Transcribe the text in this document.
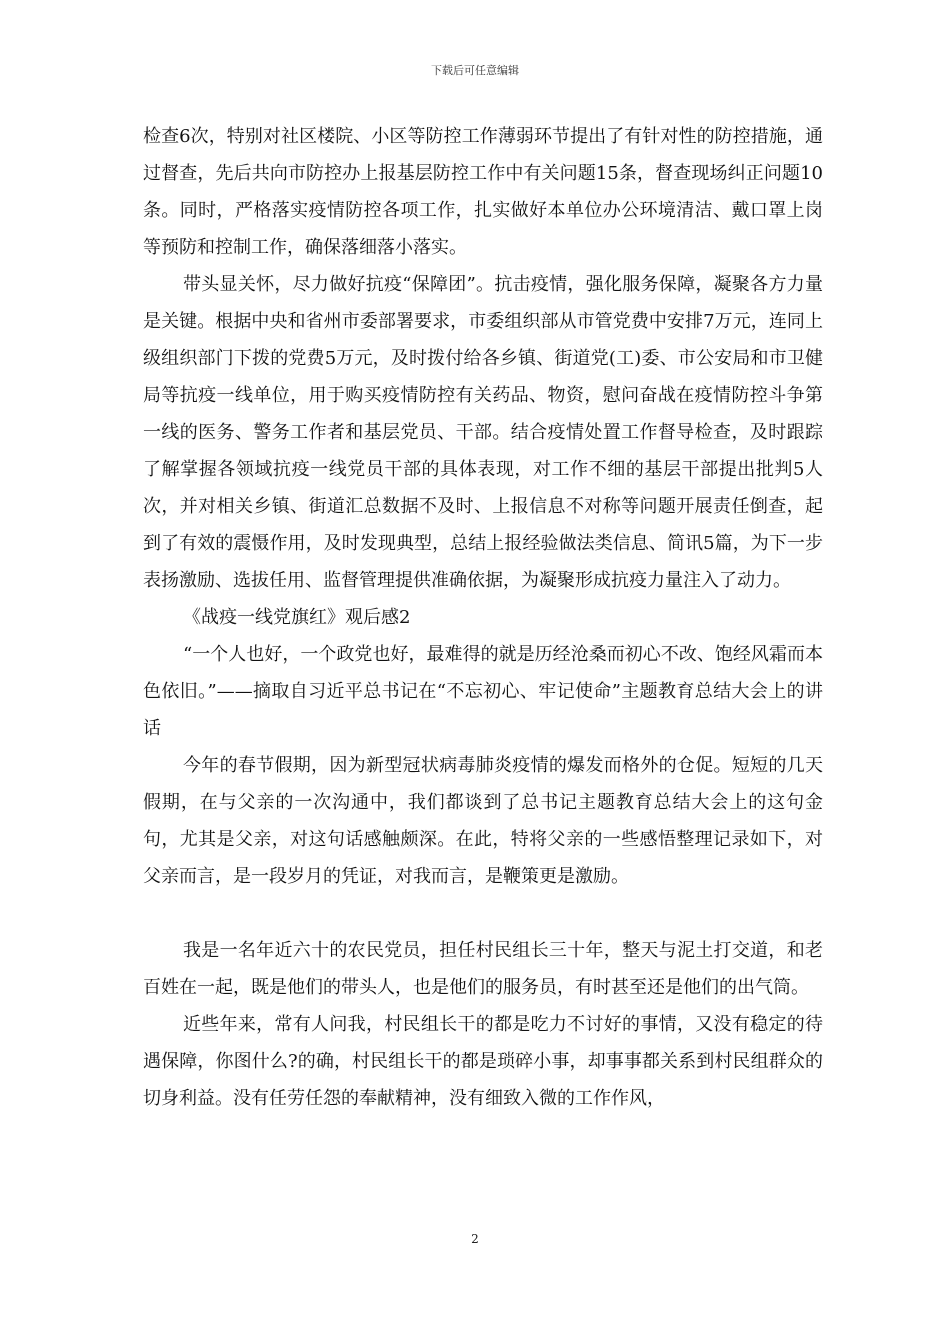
下载后可任意编辑

检查6次，特别对社区楼院、小区等防控工作薄弱环节提出了有针对性的防控措施，通过督查，先后共向市防控办上报基层防控工作中有关问题15条，督查现场纠正问题10条。同时，严格落实疫情防控各项工作，扎实做好本单位办公环境清洁、戴口罩上岗等预防和控制工作，确保落细落小落实。

带头显关怀，尽力做好抗疫“保障团”。抗击疫情，强化服务保障，凝聚各方力量是关键。根据中央和省州市委部署要求，市委组织部从市管党费中安排7万元，连同上级组织部门下拨的党费5万元，及时拨付给各乡镇、街道党(工)委、市公安局和市卫健局等抗疫一线单位，用于购买疫情防控有关药品、物资，慰问奋战在疫情防控斗争第一线的医务、警务工作者和基层党员、干部。结合疫情处置工作督导检查，及时跟踪了解掌握各领域抗疫一线党员干部的具体表现，对工作不细的基层干部提出批判5人次，并对相关乡镇、街道汇总数据不及时、上报信息不对称等问题开展责任倒查，起到了有效的震慑作用，及时发现典型，总结上报经验做法类信息、简讯5篇，为下一步表扬激励、选拔任用、监督管理提供准确依据，为凝聚形成抗疫力量注入了动力。

《战疫一线党旗红》观后感2

“一个人也好，一个政党也好，最难得的就是历经沧桑而初心不改、饱经风霜而本色依旧。”——摘取自习近平总书记在“不忘初心、牢记使命”主题教育总结大会上的讲话

今年的春节假期，因为新型冠状病毒肺炎疫情的爆发而格外的仓促。短短的几天假期，在与父亲的一次沟通中，我们都谈到了总书记主题教育总结大会上的这句金句，尤其是父亲，对这句话感触颇深。在此，特将父亲的一些感悟整理记录如下，对父亲而言，是一段岁月的凭证，对我而言，是鞭策更是激励。

我是一名年近六十的农民党员，担任村民组长三十年，整天与泥土打交道，和老百姓在一起，既是他们的带头人，也是他们的服务员，有时甚至还是他们的出气筒。

近些年来，常有人问我，村民组长干的都是吃力不讨好的事情，又没有稳定的待遇保障，你图什么?的确，村民组长干的都是琐碎小事，却事事都关系到村民组群众的切身利益。没有任劳任怨的奉献精神，没有细致入微的工作作风，

2
